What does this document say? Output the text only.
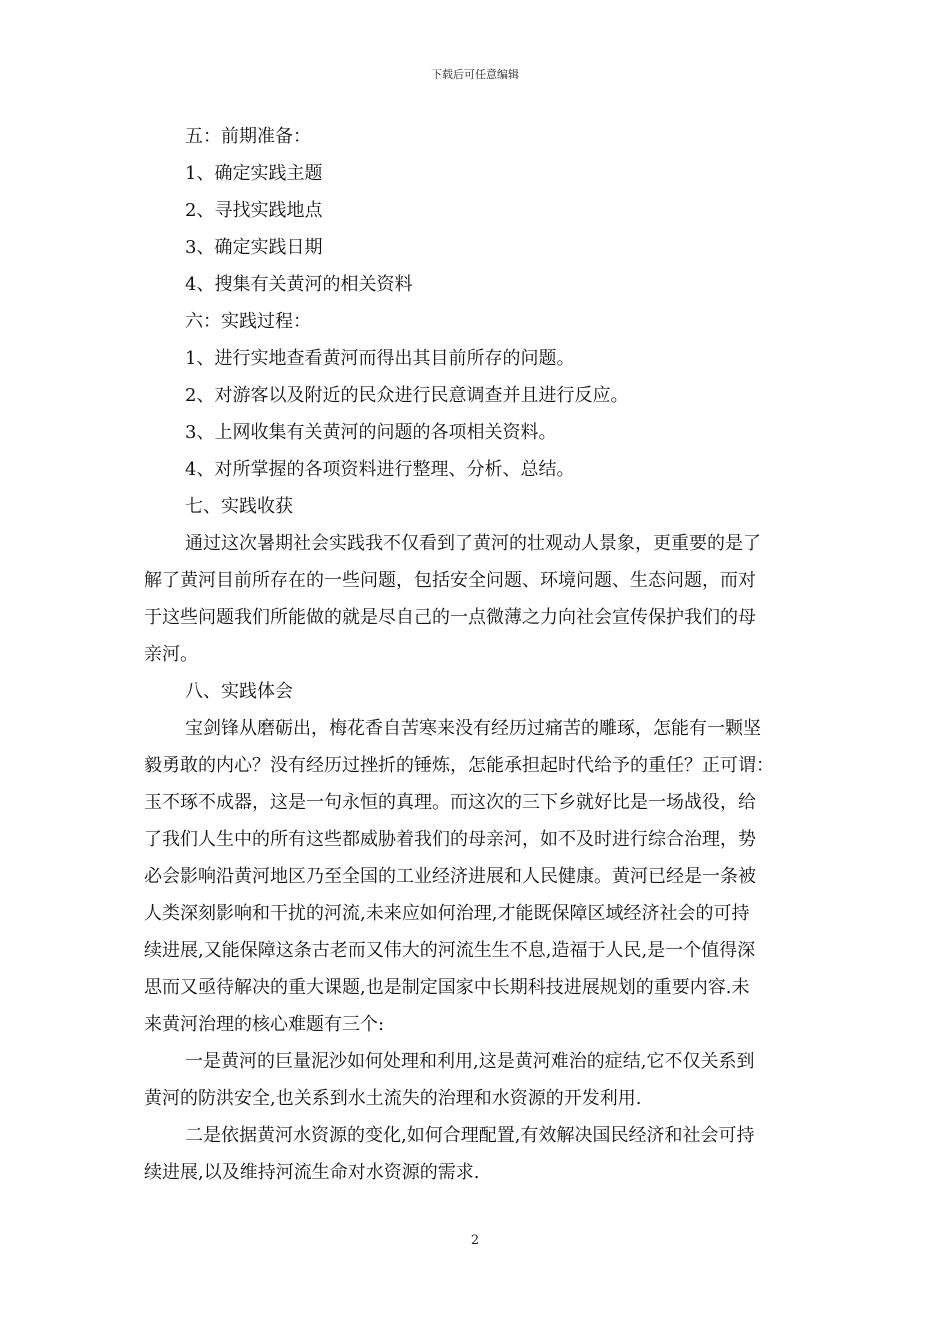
下载后可任意编辑
五：前期准备：
1、确定实践主题
2、寻找实践地点
3、确定实践日期
4、搜集有关黄河的相关资料
六：实践过程：
1、进行实地查看黄河而得出其目前所存的问题。
2、对游客以及附近的民众进行民意调查并且进行反应。
3、上网收集有关黄河的问题的各项相关资料。
4、对所掌握的各项资料进行整理、分析、总结。
七、实践收获
通过这次暑期社会实践我不仅看到了黄河的壮观动人景象，更重要的是了
解了黄河目前所存在的一些问题，包括安全问题、环境问题、生态问题，而对
于这些问题我们所能做的就是尽自己的一点微薄之力向社会宣传保护我们的母
亲河。
八、实践体会
宝剑锋从磨砺出，梅花香自苦寒来没有经历过痛苦的雕琢，怎能有一颗坚
毅勇敢的内心？没有经历过挫折的锤炼，怎能承担起时代给予的重任？正可谓：
玉不琢不成器，这是一句永恒的真理。而这次的三下乡就好比是一场战役，给
了我们人生中的所有这些都威胁着我们的母亲河，如不及时进行综合治理，势
必会影响沿黄河地区乃至全国的工业经济进展和人民健康。黄河已经是一条被
人类深刻影响和干扰的河流,未来应如何治理,才能既保障区域经济社会的可持
续进展,又能保障这条古老而又伟大的河流生生不息,造福于人民,是一个值得深
思而又亟待解决的重大课题,也是制定国家中长期科技进展规划的重要内容.未
来黄河治理的核心难题有三个:
一是黄河的巨量泥沙如何处理和利用,这是黄河难治的症结,它不仅关系到
黄河的防洪安全,也关系到水土流失的治理和水资源的开发利用.
二是依据黄河水资源的变化,如何合理配置,有效解决国民经济和社会可持
续进展,以及维持河流生命对水资源的需求.
2
